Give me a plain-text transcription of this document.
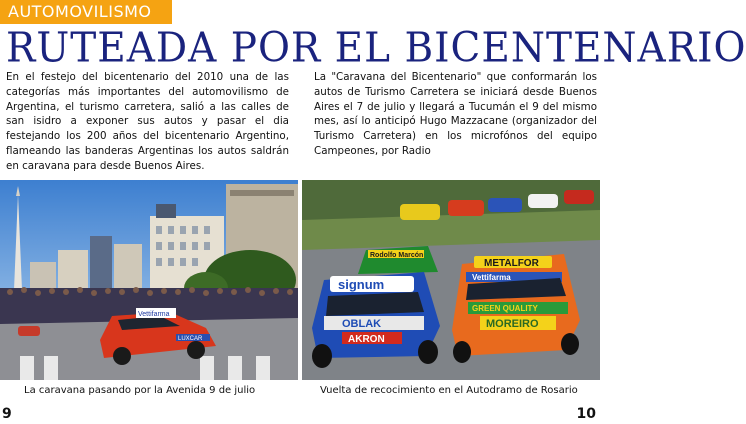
AUTOMOVILISMO
RUTEADA POR EL BICENTENARIO
En el festejo del bicentenario del 2010 una de las categorías más importantes del automovilismo de Argentina, el turismo carretera, salió a las calles de san isidro a exponer sus autos y pasar el dia festejando los 200 años del bicentenario Argentino, flameando las banderas Argentinas los autos saldrán en caravana para desde Buenos Aires.
La "Caravana del Bicentenario" que conformarán los autos de Turismo Carretera se iniciará desde Buenos Aires el 7 de julio y llegará a Tucumán el 9 del mismo mes, así lo anticipó Hugo Mazzacane (organizador del Turismo Carretera) en los microfónos del equipo Campeones, por Radio
Vettifarma
LUXCAR
Rodolfo Marcón
signum
OBLAK
AKRON
METALFOR
Vettifarma
GREEN QUALITY
MOREIRO
La caravana pasando por la Avenida 9 de julio	Vuelta de recocimiento en el Autodramo de Rosario
9	10
